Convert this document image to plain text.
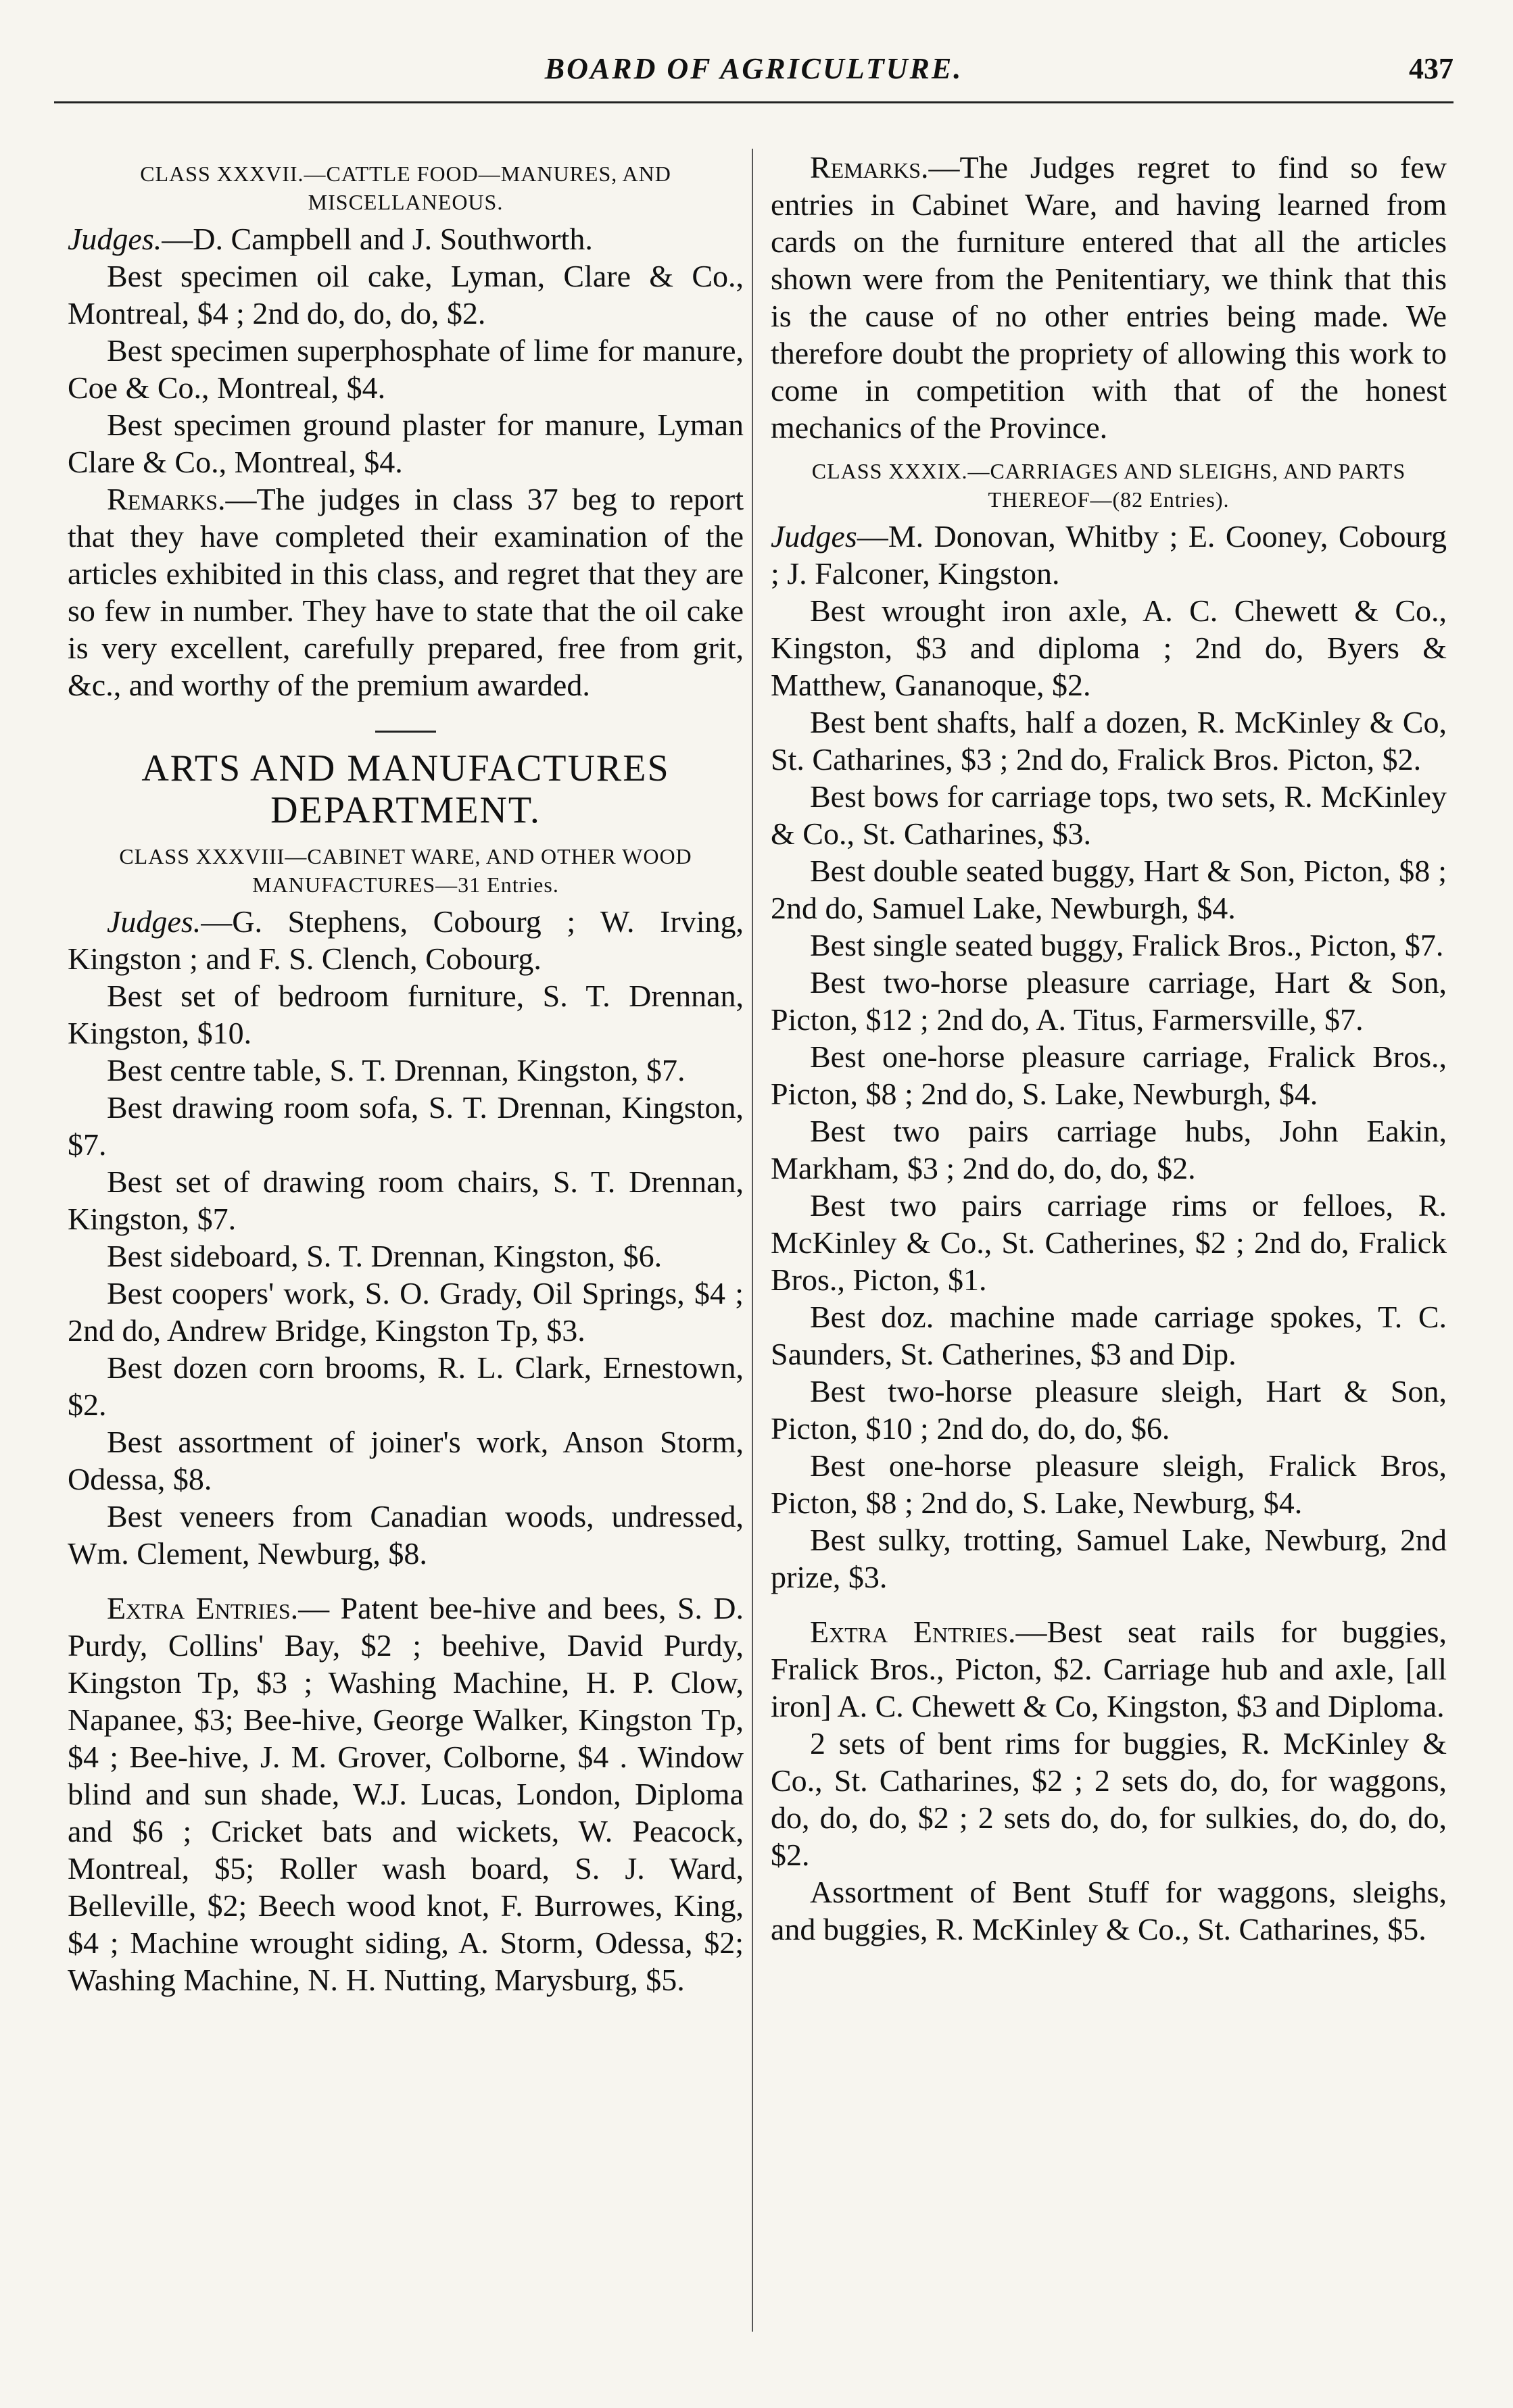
BOARD OF AGRICULTURE.	437
CLASS XXXVII.—CATTLE FOOD—MANURES, AND MISCELLANEOUS.

Judges.—D. Campbell and J. Southworth.

Best specimen oil cake, Lyman, Clare & Co., Montreal, $4 ; 2nd do, do, do, $2.

Best specimen superphosphate of lime for manure, Coe & Co., Montreal, $4.

Best specimen ground plaster for manure, Lyman Clare & Co., Montreal, $4.

Remarks.—The judges in class 37 beg to report that they have completed their examination of the articles exhibited in this class, and regret that they are so few in number. They have to state that the oil cake is very excellent, carefully prepared, free from grit, &c., and worthy of the premium awarded.

ARTS AND MANUFACTURES DEPARTMENT.
CLASS XXXVIII—CABINET WARE, AND OTHER WOOD MANUFACTURES—31 Entries.

Judges.—G. Stephens, Cobourg ; W. Irving, Kingston ; and F. S. Clench, Cobourg.

Best set of bedroom furniture, S. T. Drennan, Kingston, $10.

Best centre table, S. T. Drennan, Kingston, $7.

Best drawing room sofa, S. T. Drennan, Kingston, $7.

Best set of drawing room chairs, S. T. Drennan, Kingston, $7.

Best sideboard, S. T. Drennan, Kingston, $6.

Best coopers' work, S. O. Grady, Oil Springs, $4 ; 2nd do, Andrew Bridge, Kingston Tp, $3.

Best dozen corn brooms, R. L. Clark, Ernestown, $2.

Best assortment of joiner's work, Anson Storm, Odessa, $8.

Best veneers from Canadian woods, undressed, Wm. Clement, Newburg, $8.

Extra Entries.— Patent bee-hive and bees, S. D. Purdy, Collins' Bay, $2 ; beehive, David Purdy, Kingston Tp, $3 ; Washing Machine, H. P. Clow, Napanee, $3; Bee-hive, George Walker, Kingston Tp, $4 ; Bee-hive, J. M. Grover, Colborne, $4 . Window blind and sun shade, W.J. Lucas, London, Diploma and $6 ; Cricket bats and wickets, W. Peacock, Montreal, $5; Roller wash board, S. J. Ward, Belleville, $2; Beech wood knot, F. Burrowes, King, $4 ; Machine wrought siding, A. Storm, Odessa, $2; Washing Machine, N. H. Nutting, Marysburg, $5.

Remarks.—The Judges regret to find so few entries in Cabinet Ware, and having learned from cards on the furniture entered that all the articles shown were from the Penitentiary, we think that this is the cause of no other entries being made. We therefore doubt the propriety of allowing this work to come in competition with that of the honest mechanics of the Province.

CLASS XXXIX.—CARRIAGES AND SLEIGHS, AND PARTS THEREOF—(82 Entries).

Judges—M. Donovan, Whitby ; E. Cooney, Cobourg ; J. Falconer, Kingston.

Best wrought iron axle, A. C. Chewett & Co., Kingston, $3 and diploma ; 2nd do, Byers & Matthew, Gananoque, $2.

Best bent shafts, half a dozen, R. McKinley & Co, St. Catharines, $3 ; 2nd do, Fralick Bros. Picton, $2.

Best bows for carriage tops, two sets, R. McKinley & Co., St. Catharines, $3.

Best double seated buggy, Hart & Son, Picton, $8 ; 2nd do, Samuel Lake, Newburgh, $4.

Best single seated buggy, Fralick Bros., Picton, $7.

Best two-horse pleasure carriage, Hart & Son, Picton, $12 ; 2nd do, A. Titus, Farmersville, $7.

Best one-horse pleasure carriage, Fralick Bros., Picton, $8 ; 2nd do, S. Lake, Newburgh, $4.

Best two pairs carriage hubs, John Eakin, Markham, $3 ; 2nd do, do, do, $2.

Best two pairs carriage rims or felloes, R. McKinley & Co., St. Catherines, $2 ; 2nd do, Fralick Bros., Picton, $1.

Best doz. machine made carriage spokes, T. C. Saunders, St. Catherines, $3 and Dip.

Best two-horse pleasure sleigh, Hart & Son, Picton, $10 ; 2nd do, do, do, $6.

Best one-horse pleasure sleigh, Fralick Bros, Picton, $8 ; 2nd do, S. Lake, Newburg, $4.

Best sulky, trotting, Samuel Lake, Newburg, 2nd prize, $3.

Extra Entries.—Best seat rails for buggies, Fralick Bros., Picton, $2. Carriage hub and axle, [all iron] A. C. Chewett & Co, Kingston, $3 and Diploma.

2 sets of bent rims for buggies, R. McKinley & Co., St. Catharines, $2 ; 2 sets do, do, for waggons, do, do, do, $2 ; 2 sets do, do, for sulkies, do, do, do, $2.

Assortment of Bent Stuff for waggons, sleighs, and buggies, R. McKinley & Co., St. Catharines, $5.
